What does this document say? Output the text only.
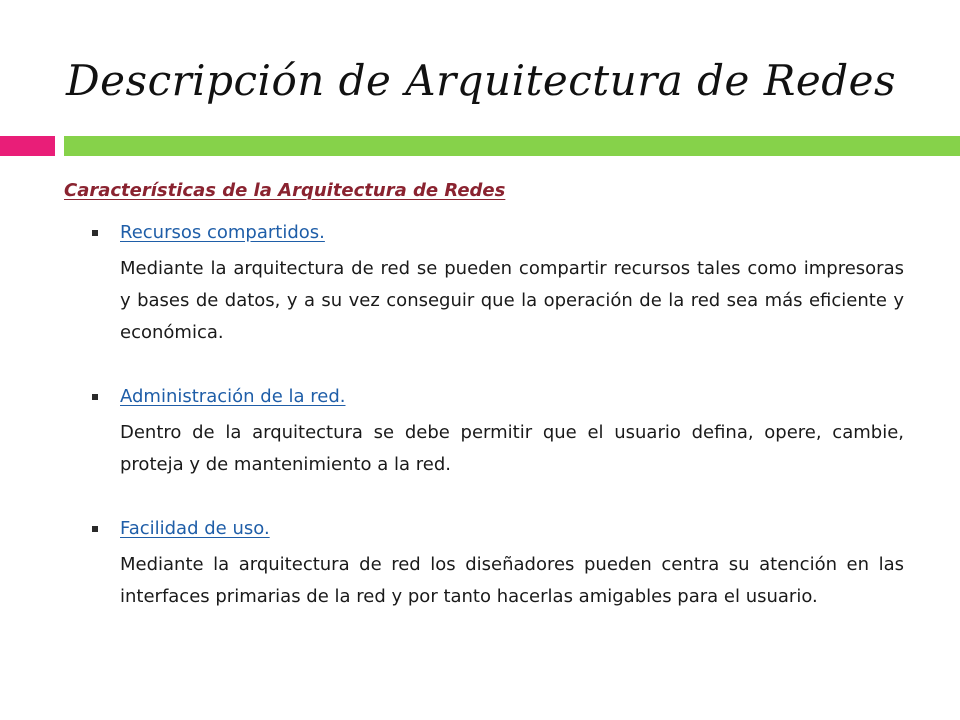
Descripción de Arquitectura de Redes
Características de la Arquitectura de Redes
Recursos compartidos.

Mediante la arquitectura de red se pueden compartir recursos tales como impresoras y bases de datos, y a su vez conseguir que la operación de la red sea más eficiente y económica.

Administración de la red.

Dentro de la arquitectura se debe permitir que el usuario defina, opere, cambie, proteja y de mantenimiento a la red.

Facilidad de uso.

Mediante la arquitectura de red los diseñadores pueden centra su atención en las interfaces primarias de la red y por tanto hacerlas amigables para el usuario.
